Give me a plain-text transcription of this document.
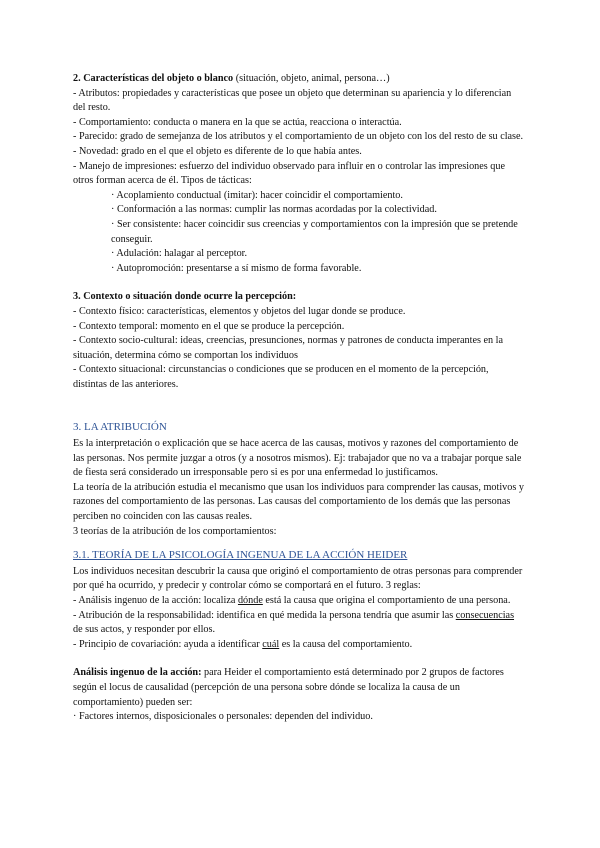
2. Características del objeto o blanco (situación, objeto, animal, persona…)

- Atributos: propiedades y características que posee un objeto que determinan su apariencia y lo diferencian del resto.

- Comportamiento: conducta o manera en la que se actúa, reacciona o interactúa.

- Parecido: grado de semejanza de los atributos y el comportamiento de un objeto con los del resto de su clase.

- Novedad: grado en el que el objeto es diferente de lo que había antes.

- Manejo de impresiones: esfuerzo del individuo observado para influir en o controlar las impresiones que otros forman acerca de él. Tipos de tácticas:

· Acoplamiento conductual (imitar): hacer coincidir el comportamiento.

· Conformación a las normas: cumplir las normas acordadas por la colectividad.

· Ser consistente: hacer coincidir sus creencias y comportamientos con la impresión que se pretende conseguir.

· Adulación: halagar al perceptor.

· Autopromoción: presentarse a sí mismo de forma favorable.

3. Contexto o situación donde ocurre la percepción:

- Contexto físico: características, elementos y objetos del lugar donde se produce.

- Contexto temporal: momento en el que se produce la percepción.

- Contexto socio-cultural: ideas, creencias, presunciones, normas y patrones de conducta imperantes en la situación, determina cómo se comportan los individuos

- Contexto situacional: circunstancias o condiciones que se producen en el momento de la percepción, distintas de las anteriores.

3. LA ATRIBUCIÓN

Es la interpretación o explicación que se hace acerca de las causas, motivos y razones del comportamiento de las personas. Nos permite juzgar a otros (y a nosotros mismos). Ej: trabajador que no va a trabajar porque sale de fiesta será considerado un irresponsable pero si es por una enfermedad lo justificamos.

La teoría de la atribución estudia el mecanismo que usan los individuos para comprender las causas, motivos y razones del comportamiento de las personas. Las causas del comportamiento de los demás que las personas perciben no coinciden con las causas reales.

3 teorías de la atribución de los comportamientos:

3.1. TEORÍA DE LA PSICOLOGÍA INGENUA DE LA ACCIÓN HEIDER

Los individuos necesitan descubrir la causa que originó el comportamiento de otras personas para comprender por qué ha ocurrido, y predecir y controlar cómo se comportará en el futuro. 3 reglas:

- Análisis ingenuo de la acción: localiza dónde está la causa que origina el comportamiento de una persona.

- Atribución de la responsabilidad: identifica en qué medida la persona tendría que asumir las consecuencias de sus actos, y responder por ellos.

- Principio de covariación: ayuda a identificar cuál es la causa del comportamiento.

Análisis ingenuo de la acción: para Heider el comportamiento está determinado por 2 grupos de factores según el locus de causalidad (percepción de una persona sobre dónde se localiza la causa de un comportamiento) pueden ser:

· Factores internos, disposicionales o personales: dependen del individuo.
